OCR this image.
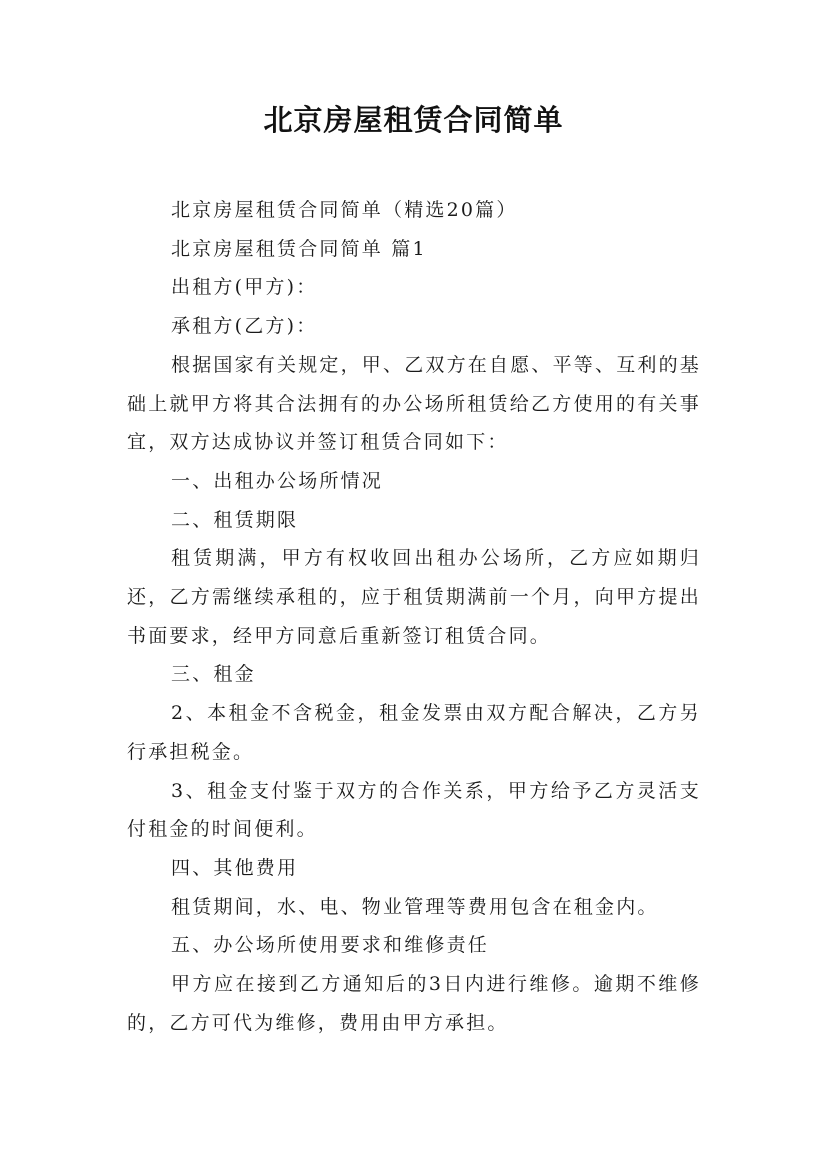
北京房屋租赁合同简单

北京房屋租赁合同简单（精选20篇）

北京房屋租赁合同简单 篇1

出租方(甲方)：

承租方(乙方)：

根据国家有关规定，甲、乙双方在自愿、平等、互利的基础上就甲方将其合法拥有的办公场所租赁给乙方使用的有关事宜，双方达成协议并签订租赁合同如下：

一、出租办公场所情况

二、租赁期限

租赁期满，甲方有权收回出租办公场所，乙方应如期归还，乙方需继续承租的，应于租赁期满前一个月，向甲方提出书面要求，经甲方同意后重新签订租赁合同。

三、租金

2、本租金不含税金，租金发票由双方配合解决，乙方另行承担税金。

3、租金支付鉴于双方的合作关系，甲方给予乙方灵活支付租金的时间便利。

四、其他费用

租赁期间，水、电、物业管理等费用包含在租金内。

五、办公场所使用要求和维修责任

甲方应在接到乙方通知后的3日内进行维修。逾期不维修的，乙方可代为维修，费用由甲方承担。
